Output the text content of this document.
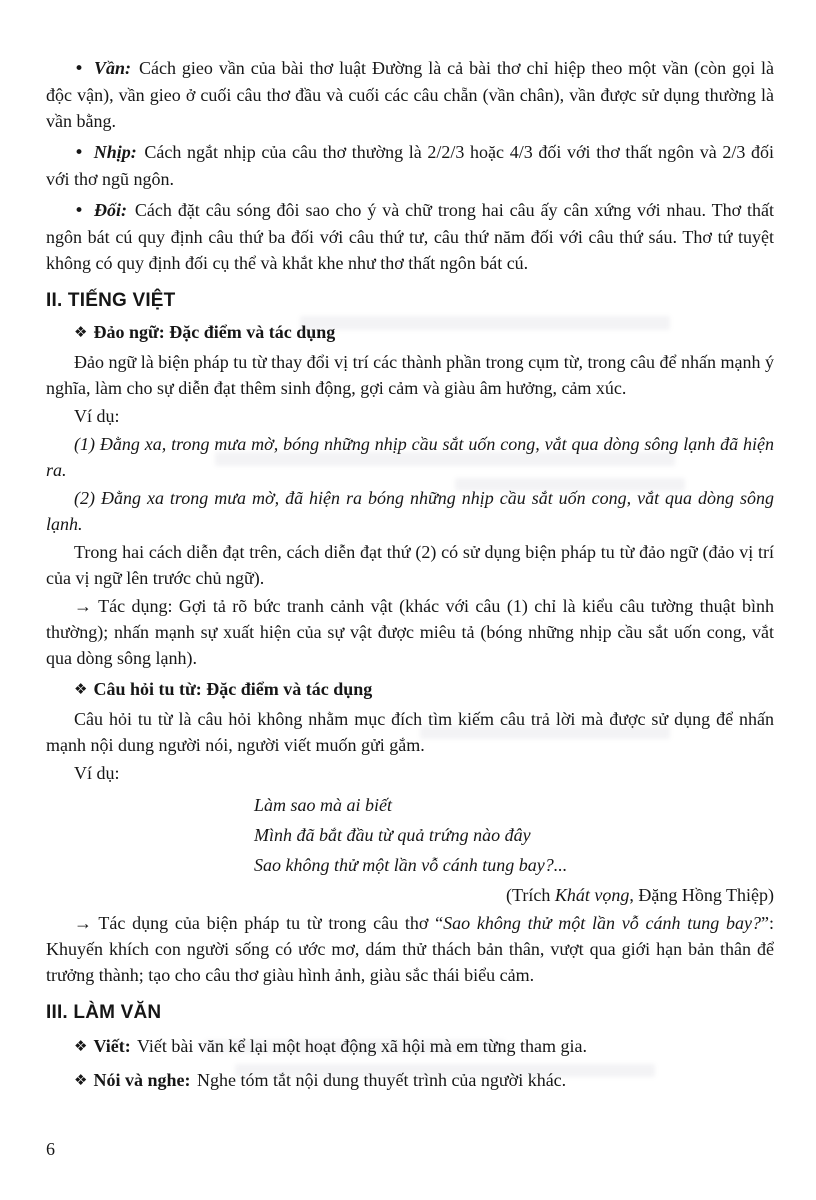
• Vần: Cách gieo vần của bài thơ luật Đường là cả bài thơ chỉ hiệp theo một vần (còn gọi là độc vận), vần gieo ở cuối câu thơ đầu và cuối các câu chẵn (vần chân), vần được sử dụng thường là vần bằng.

• Nhịp: Cách ngắt nhịp của câu thơ thường là 2/2/3 hoặc 4/3 đối với thơ thất ngôn và 2/3 đối với thơ ngũ ngôn.

• Đối: Cách đặt câu sóng đôi sao cho ý và chữ trong hai câu ấy cân xứng với nhau. Thơ thất ngôn bát cú quy định câu thứ ba đối với câu thứ tư, câu thứ năm đối với câu thứ sáu. Thơ tứ tuyệt không có quy định đối cụ thể và khắt khe như thơ thất ngôn bát cú.

II. TIẾNG VIỆT

❖ Đảo ngữ: Đặc điểm và tác dụng

Đảo ngữ là biện pháp tu từ thay đổi vị trí các thành phần trong cụm từ, trong câu để nhấn mạnh ý nghĩa, làm cho sự diễn đạt thêm sinh động, gợi cảm và giàu âm hưởng, cảm xúc.

Ví dụ:

(1) Đằng xa, trong mưa mờ, bóng những nhịp cầu sắt uốn cong, vắt qua dòng sông lạnh đã hiện ra.

(2) Đằng xa trong mưa mờ, đã hiện ra bóng những nhịp cầu sắt uốn cong, vắt qua dòng sông lạnh.

Trong hai cách diễn đạt trên, cách diễn đạt thứ (2) có sử dụng biện pháp tu từ đảo ngữ (đảo vị trí của vị ngữ lên trước chủ ngữ).

→ Tác dụng: Gợi tả rõ bức tranh cảnh vật (khác với câu (1) chỉ là kiểu câu tường thuật bình thường); nhấn mạnh sự xuất hiện của sự vật được miêu tả (bóng những nhịp cầu sắt uốn cong, vắt qua dòng sông lạnh).

❖ Câu hỏi tu từ: Đặc điểm và tác dụng

Câu hỏi tu từ là câu hỏi không nhằm mục đích tìm kiếm câu trả lời mà được sử dụng để nhấn mạnh nội dung người nói, người viết muốn gửi gắm.

Ví dụ:

Làm sao mà ai biết

Mình đã bắt đầu từ quả trứng nào đây

Sao không thử một lần vỗ cánh tung bay?...

(Trích Khát vọng, Đặng Hồng Thiệp)

→ Tác dụng của biện pháp tu từ trong câu thơ “Sao không thử một lần vỗ cánh tung bay?”: Khuyến khích con người sống có ước mơ, dám thử thách bản thân, vượt qua giới hạn bản thân để trưởng thành; tạo cho câu thơ giàu hình ảnh, giàu sắc thái biểu cảm.

III. LÀM VĂN

❖ Viết: Viết bài văn kể lại một hoạt động xã hội mà em từng tham gia.

❖ Nói và nghe: Nghe tóm tắt nội dung thuyết trình của người khác.

6
